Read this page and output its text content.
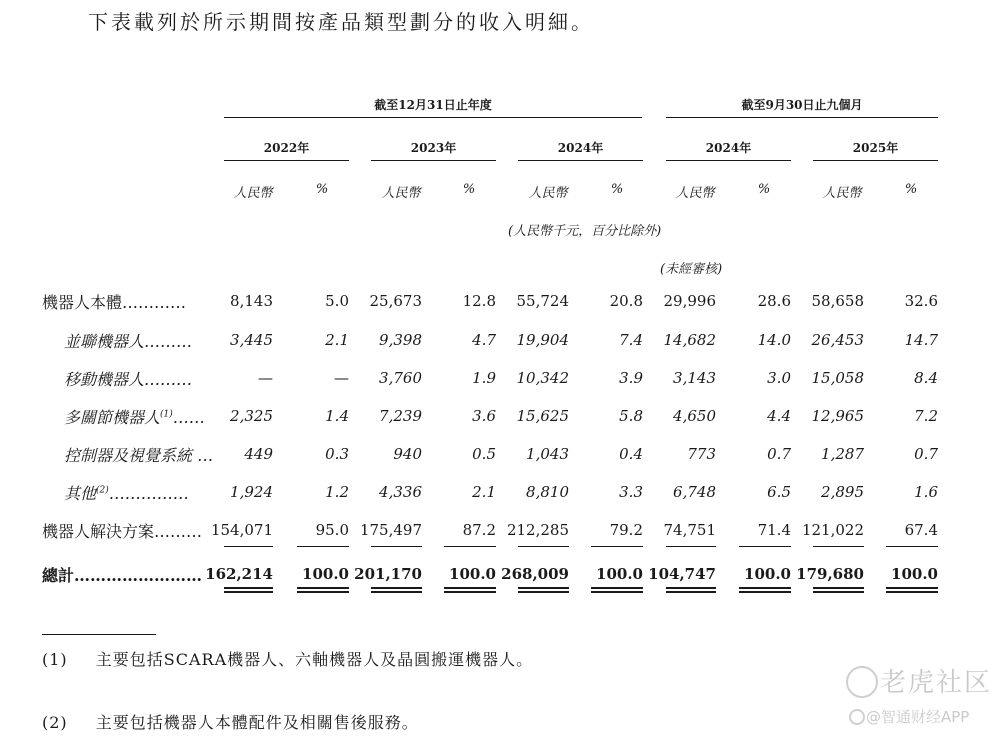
下表載列於所示期間按產品類型劃分的收入明細。
截至12月31日止年度	截至9月30日止九個月
2022年
人民幣	%
2023年
人民幣	%
2024年
人民幣	%
2024年
人民幣	%
2025年
人民幣	%
(人民幣千元，百分比除外)
(未經審核)
機器人本體…………	8,143	5.0	25,673	12.8	55,724	20.8	29,996	28.6	58,658	32.6
並聯機器人………	3,445	2.1	9,398	4.7	19,904	7.4	14,682	14.0	26,453	14.7
移動機器人………	—	—	3,760	1.9	10,342	3.9	3,143	3.0	15,058	8.4
多關節機器人$^{(1)}$……	2,325	1.4	7,239	3.6	15,625	5.8	4,650	4.4	12,965	7.2
控制器及視覺系統 …	449	0.3	940	0.5	1,043	0.4	773	0.7	1,287	0.7
其他$^{(2)}$……………	1,924	1.2	4,336	2.1	8,810	3.3	6,748	6.5	2,895	1.6
機器人解決方案……… 154,071	95.0 175,497	87.2 212,285	79.2	74,751	71.4 121,022	67.4
總計…………………… 162,214	100.0 201,170	100.0 268,009	100.0 104,747	100.0 179,680	100.0
(1) 主要包括SCARA機器人、六軸機器人及晶圓搬運機器人。
(2) 主要包括機器人本體配件及相關售後服務。
老虎社区
@智通财经APP
